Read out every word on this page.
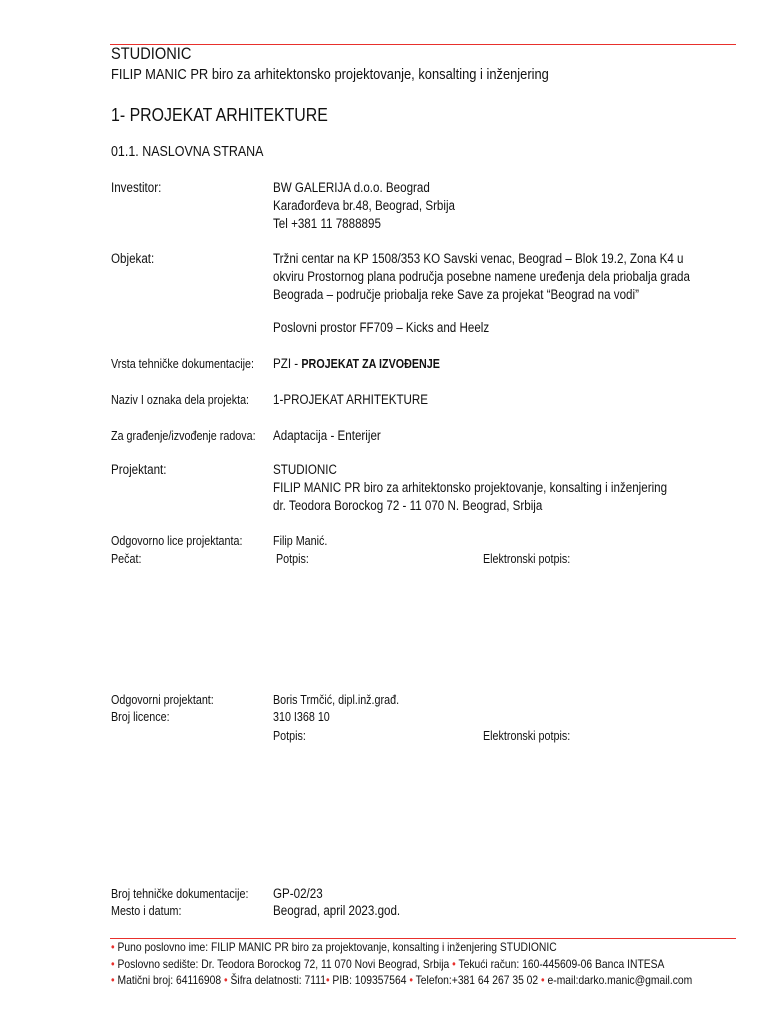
STUDIONIC
FILIP MANIC PR biro za arhitektonsko projektovanje, konsalting i inženjering
1- PROJEKAT ARHITEKTURE
01.1. NASLOVNA STRANA
Investitor:	BW GALERIJA d.o.o. Beograd
Karađorđeva br.48, Beograd, Srbija
Tel +381 11 7888895
Objekat:	Tržni centar na KP 1508/353 KO Savski venac, Beograd – Blok 19.2, Zona K4 u
okviru Prostornog plana područja posebne namene uređenja dela priobalja grada
Beograda – područje priobalja reke Save za projekat “Beograd na vodi”
Poslovni prostor FF709 – Kicks and Heelz
Vrsta tehničke dokumentacije: PZI - PROJEKAT ZA IZVOĐENJE
Naziv I oznaka dela projekta: 1-PROJEKAT ARHITEKTURE
Za građenje/izvođenje radova: Adaptacija - Enterijer
Projektant:	STUDIONIC
FILIP MANIC PR biro za arhitektonsko projektovanje, konsalting i inženjering
dr. Teodora Borockog 72 - 11 070 N. Beograd, Srbija
Odgovorno lice projektanta: Filip Manić.
Pečat:	Potpis:	Elektronski potpis:
Odgovorni projektant:	Boris Trmčić, dipl.inž.građ.
Broj licence:	310 I368 10
Potpis:	Elektronski potpis:
Broj tehničke dokumentacije: GP-02/23
Mesto i datum:	Beograd, april 2023.god.
• Puno poslovno ime: FILIP MANIC PR biro za projektovanje, konsalting i inženjering STUDIONIC
• Poslovno sedište: Dr. Teodora Borockog 72, 11 070 Novi Beograd, Srbija • Tekući račun: 160-445609-06 Banca INTESA
• Matični broj: 64116908 • Šifra delatnosti: 7111• PIB: 109357564 • Telefon:+381 64 267 35 02 • e-mail:darko.manic@gmail.com
